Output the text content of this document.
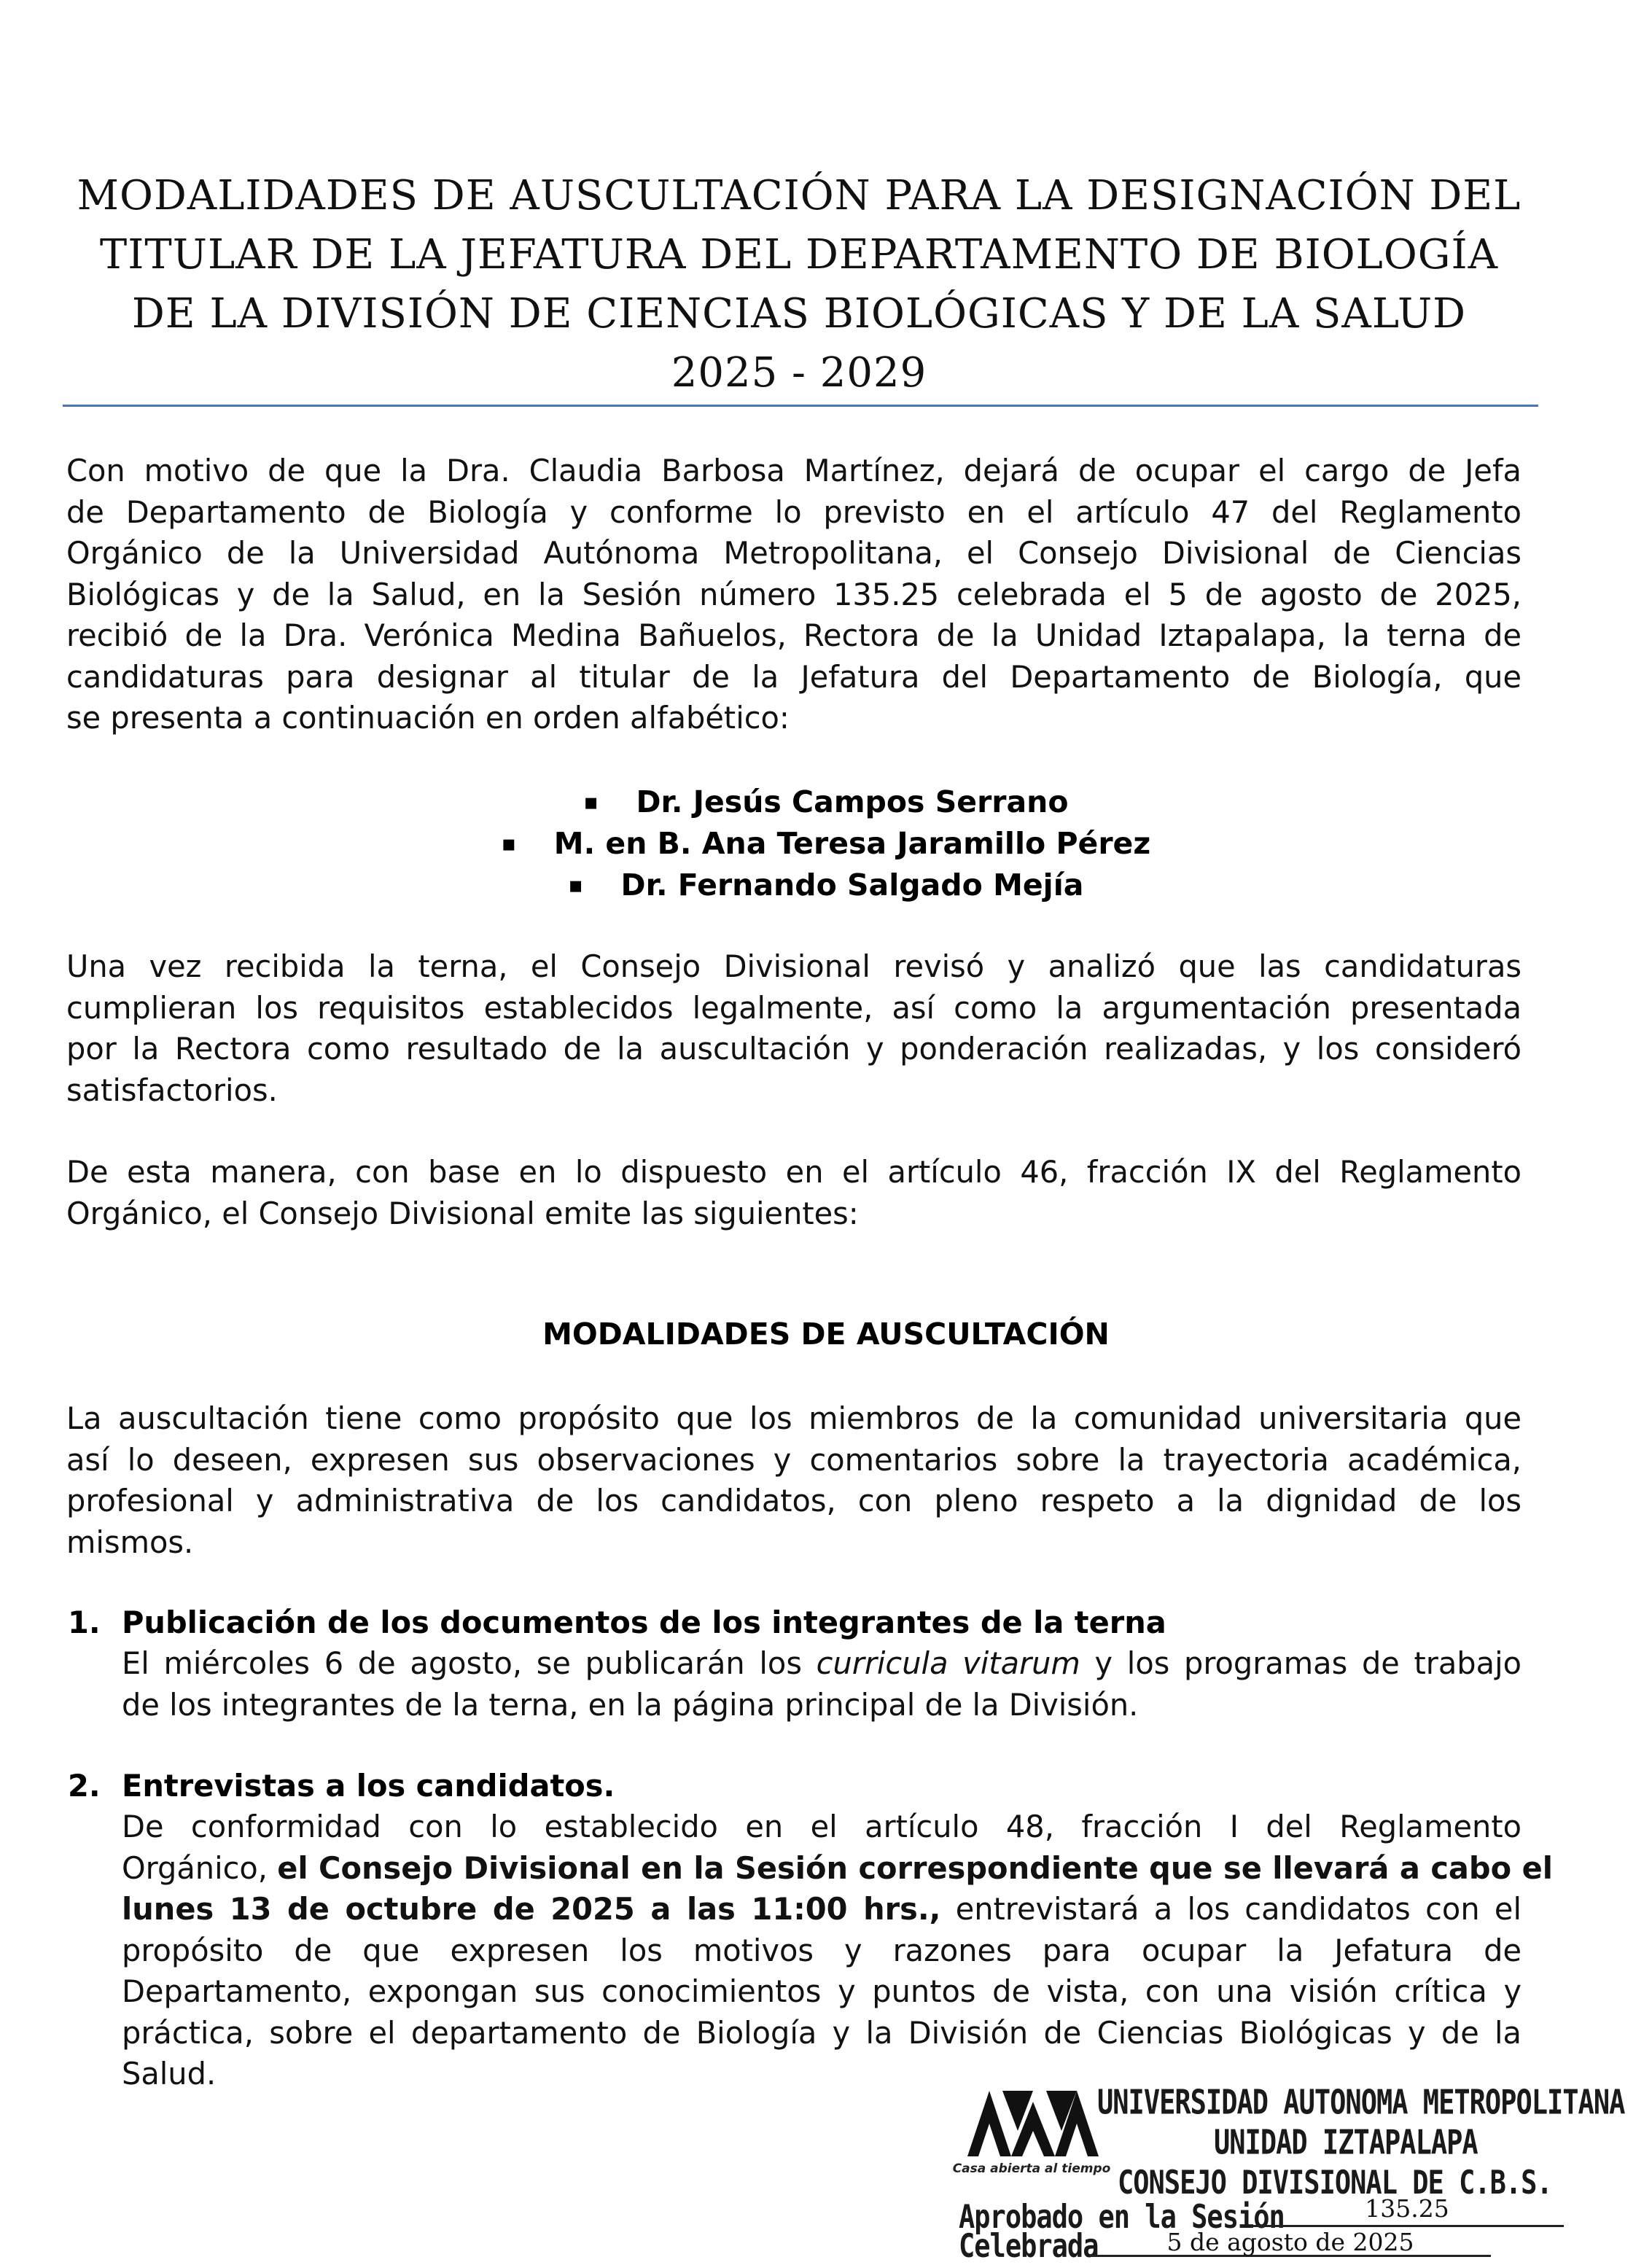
MODALIDADES DE AUSCULTACIÓN PARA LA DESIGNACIÓN DEL
TITULAR DE LA JEFATURA DEL DEPARTAMENTO DE BIOLOGÍA
DE LA DIVISIÓN DE CIENCIAS BIOLÓGICAS Y DE LA SALUD
2025 - 2029
Con motivo de que la Dra. Claudia Barbosa Martínez, dejará de ocupar el cargo de Jefa
de Departamento de Biología y conforme lo previsto en el artículo 47 del Reglamento
Orgánico de la Universidad Autónoma Metropolitana, el Consejo Divisional de Ciencias
Biológicas y de la Salud, en la Sesión número 135.25 celebrada el 5 de agosto de 2025,
recibió de la Dra. Verónica Medina Bañuelos, Rectora de la Unidad Iztapalapa, la terna de
candidaturas para designar al titular de la Jefatura del Departamento de Biología, que
se presenta a continuación en orden alfabético:
▪	Dr. Jesús Campos Serrano
▪	M. en B. Ana Teresa Jaramillo Pérez
▪	Dr. Fernando Salgado Mejía
Una vez recibida la terna, el Consejo Divisional revisó y analizó que las candidaturas
cumplieran los requisitos establecidos legalmente, así como la argumentación presentada
por la Rectora como resultado de la auscultación y ponderación realizadas, y los consideró
satisfactorios.
De esta manera, con base en lo dispuesto en el artículo 46, fracción IX del Reglamento
Orgánico, el Consejo Divisional emite las siguientes:
MODALIDADES DE AUSCULTACIÓN
La auscultación tiene como propósito que los miembros de la comunidad universitaria que
así lo deseen, expresen sus observaciones y comentarios sobre la trayectoria académica,
profesional y administrativa de los candidatos, con pleno respeto a la dignidad de los
mismos.
1. Publicación de los documentos de los integrantes de la terna
El miércoles 6 de agosto, se publicarán los curricula vitarum y los programas de trabajo
de los integrantes de la terna, en la página principal de la División.
2. Entrevistas a los candidatos.
De conformidad con lo establecido en el artículo 48, fracción I del Reglamento
Orgánico, el Consejo Divisional en la Sesión correspondiente que se llevará a cabo el
lunes 13 de octubre de 2025 a las 11:00 hrs., entrevistará a los candidatos con el
propósito de que expresen los motivos y razones para ocupar la Jefatura de
Departamento, expongan sus conocimientos y puntos de vista, con una visión crítica y
práctica, sobre el departamento de Biología y la División de Ciencias Biológicas y de la
Salud.
Casa abierta al tiempo
UNIVERSIDAD AUTONOMA METROPOLITANA
UNIDAD IZTAPALAPA
CONSEJO DIVISIONAL DE C.B.S.
Aprobado en la Sesión	135.25
Celebrada	5 de agosto de 2025
